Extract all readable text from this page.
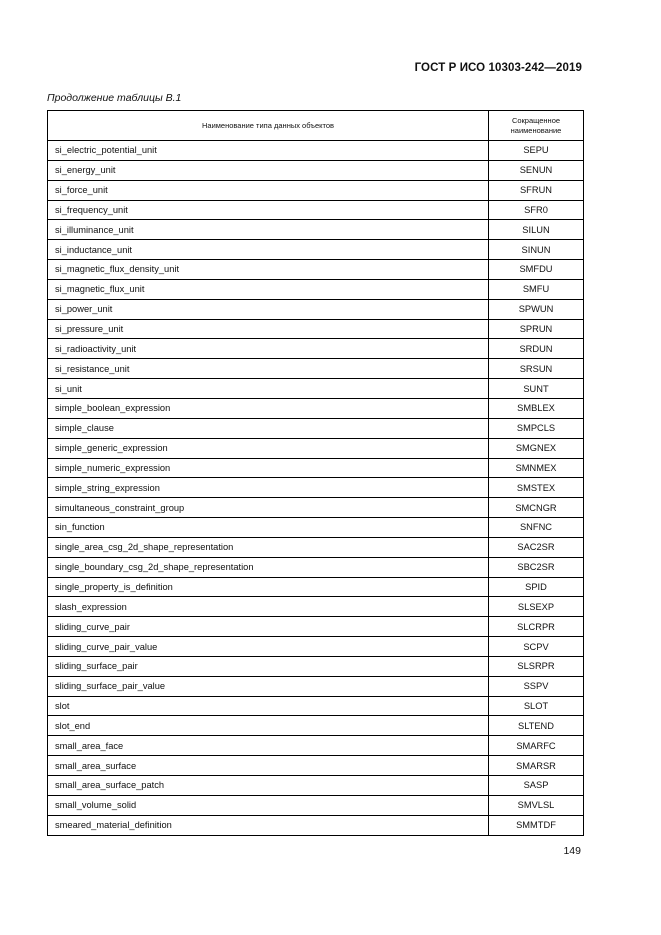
ГОСТ Р ИСО 10303-242—2019
Продолжение таблицы В.1
Наименование типа данных объектов	Сокращенное
наименование
si_electric_potential_unit	SEPU
si_energy_unit	SENUN
si_force_unit	SFRUN
si_frequency_unit	SFR0
si_illuminance_unit	SILUN
si_inductance_unit	SINUN
si_magnetic_flux_density_unit	SMFDU
si_magnetic_flux_unit	SMFU
si_power_unit	SPWUN
si_pressure_unit	SPRUN
si_radioactivity_unit	SRDUN
si_resistance_unit	SRSUN
si_unit	SUNT
simple_boolean_expression	SMBLEX
simple_clause	SMPCLS
simple_generic_expression	SMGNEX
simple_numeric_expression	SMNMEX
simple_string_expression	SMSTEX
simultaneous_constraint_group	SMCNGR
sin_function	SNFNC
single_area_csg_2d_shape_representation	SAC2SR
single_boundary_csg_2d_shape_representation	SBC2SR
single_property_is_definition	SPID
slash_expression	SLSEXP
sliding_curve_pair	SLCRPR
sliding_curve_pair_value	SCPV
sliding_surface_pair	SLSRPR
sliding_surface_pair_value	SSPV
slot	SLOT
slot_end	SLTEND
small_area_face	SMARFC
small_area_surface	SMARSR
small_area_surface_patch	SASP
small_volume_solid	SMVLSL
smeared_material_definition	SMMTDF
149
